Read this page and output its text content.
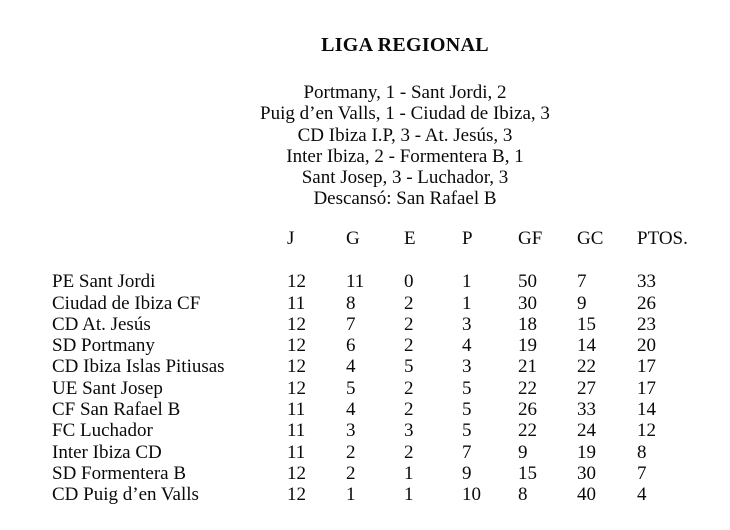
LIGA REGIONAL
Portmany, 1 - Sant Jordi, 2
Puig d’en Valls, 1 - Ciudad de Ibiza, 3
CD Ibiza I.P, 3 - At. Jesús, 3
Inter Ibiza, 2 - Formentera B, 1
Sant Josep, 3 - Luchador, 3
Descansó: San Rafael B
	J	G	E	P	GF	GC	PTOS.

PE Sant Jordi	12	11	0	1	50	7	33
Ciudad de Ibiza CF	11	8	2	1	30	9	26
CD At. Jesús	12	7	2	3	18	15	23
SD Portmany	12	6	2	4	19	14	20
CD Ibiza Islas Pitiusas	12	4	5	3	21	22	17
UE Sant Josep	12	5	2	5	22	27	17
CF San Rafael B	11	4	2	5	26	33	14
FC Luchador	11	3	3	5	22	24	12
Inter Ibiza CD	11	2	2	7	9	19	8
SD Formentera B	12	2	1	9	15	30	7
CD Puig d’en Valls	12	1	1	10	8	40	4
